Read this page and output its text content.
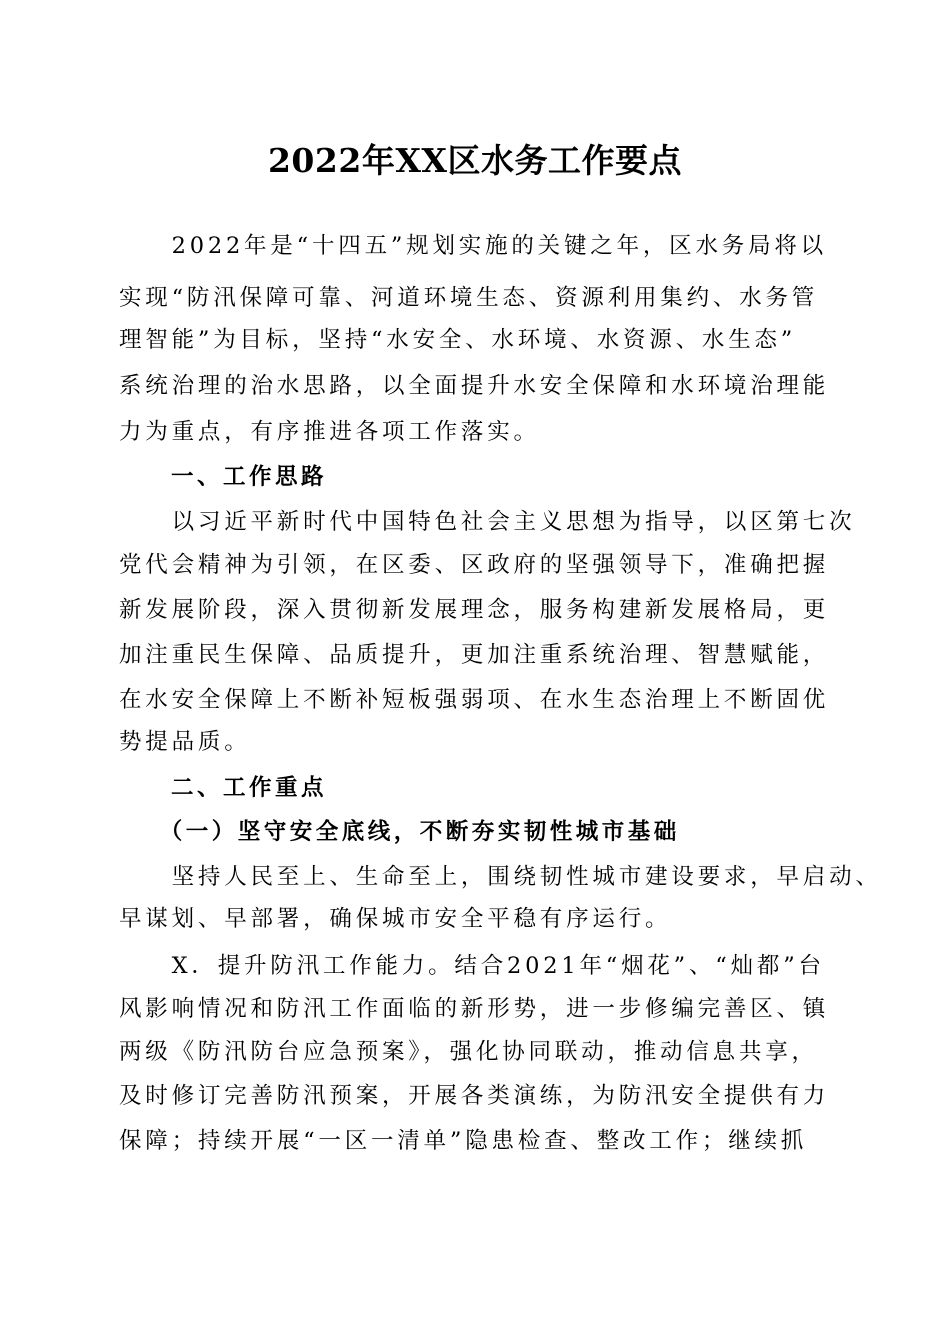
2022年XX区水务工作要点
　　2022年是“十四五”规划实施的关键之年，区水务局将以
实现“防汛保障可靠、河道环境生态、资源利用集约、水务管
理智能”为目标，坚持“水安全、水环境、水资源、水生态”
系统治理的治水思路，以全面提升水安全保障和水环境治理能
力为重点，有序推进各项工作落实。
　　一、工作思路
　　以习近平新时代中国特色社会主义思想为指导，以区第七次
党代会精神为引领，在区委、区政府的坚强领导下，准确把握
新发展阶段，深入贯彻新发展理念，服务构建新发展格局，更
加注重民生保障、品质提升，更加注重系统治理、智慧赋能，
在水安全保障上不断补短板强弱项、在水生态治理上不断固优
势提品质。
　　二、工作重点
　　（一）坚守安全底线，不断夯实韧性城市基础
　　坚持人民至上、生命至上，围绕韧性城市建设要求，早启动、
早谋划、早部署，确保城市安全平稳有序运行。
　　X．提升防汛工作能力。结合2021年“烟花”、“灿都”台
风影响情况和防汛工作面临的新形势，进一步修编完善区、镇
两级《防汛防台应急预案》，强化协同联动，推动信息共享，
及时修订完善防汛预案，开展各类演练，为防汛安全提供有力
保障；持续开展“一区一清单”隐患检查、整改工作；继续抓
